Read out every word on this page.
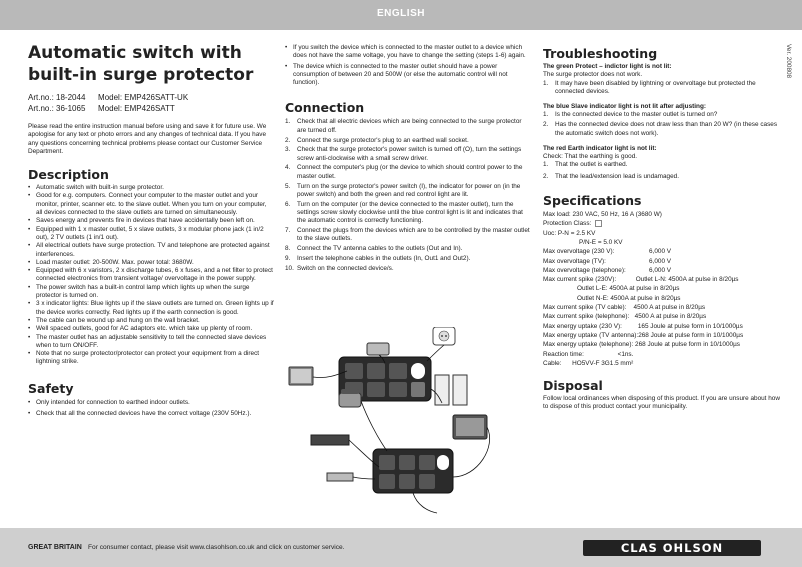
ENGLISH
Ver. 200808
Automatic switch with
built-in surge protector
Art.no.: 18-2044 Model: EMP426SATT-UK
Art.no.: 36-1065 Model: EMP426SATT

Please read the entire instruction manual before using and save it for future use. We apologise for any text or photo errors and any changes of technical data. If you have any questions concerning technical problems please contact our Customer Service Department.

Description
• Automatic switch with built-in surge protector.
• Good for e.g. computers. Connect your computer to the master outlet and your monitor, printer, scanner etc. to the slave outlet. When you turn on your computer, all devices connected to the slave outlets are turned on simultaneously.
• Saves energy and prevents fire in devices that have accidentally been left on.
• Equipped with 1 x master outlet, 5 x slave outlets, 3 x modular phone jack (1 in/2 out), 2 TV outlets (1 in/1 out).
• All electrical outlets have surge protection. TV and telephone are protected against interferences.
• Load master outlet: 20-500W. Max. power total: 3680W.
• Equipped with 6 x varistors, 2 x discharge tubes, 6 x fuses, and a net filter to protect connected electronics from transient voltage/ overvoltage in the power supply.
• The power switch has a built-in control lamp which lights up when the surge protector is turned on.
• 3 x indicator lights: Blue lights up if the slave outlets are turned on. Green lights up if the device works correctly. Red lights up if the earth connection is good.
• The cable can be wound up and hung on the wall bracket.
• Well spaced outlets, good for AC adaptors etc. which take up plenty of room.
• The master outlet has an adjustable sensitivity to tell the connected slave devices when to turn ON/OFF.
• Note that no surge protector/protector can protect your equipment from a direct lightning strike.
Safety
• Only intended for connection to earthed indoor outlets.
• Check that all the connected devices have the correct voltage (230V 50Hz.).
• If you switch the device which is connected to the master outlet to a device which does not have the same voltage, you have to change the setting (steps 1-6) again.
• The device which is connected to the master outlet should have a power consumption of between 20 and 500W (or else the automatic control will not function).
Connection
1. Check that all electric devices which are being connected to the surge protector are turned off.
2. Connect the surge protector's plug to an earthed wall socket.
3. Check that the surge protector's power switch is turned off (O), turn the settings screw anti-clockwise with a small screw driver.
4. Connect the computer's plug (or the device to which should control power to the master outlet.
5. Turn on the surge protector's power switch (I), the indicator for power on (in the power switch) and both the green and red control light are lit.
6. Turn on the computer (or the device connected to the master outlet), turn the settings screw slowly clockwise until the blue control light is lit and indicates that the automatic control is correctly functioning.
7. Connect the plugs from the devices which are to be controlled by the master outlet to the slave outlets.
8. Connect the TV antenna cables to the outlets (Out and In).
9. Insert the telephone cables in the outlets (In, Out1 and Out2).
10. Switch on the connected device/s.
Troubleshooting

The green Protect – indictor light is not lit:

The surge protector does not work.

1. It may have been disabled by lightning or overvoltage but protected the connected devices.

The blue Slave indicator light is not lit after adjusting:

1. Is the connected device to the master outlet is turned on?
2. Has the connected device does not draw less than than 20 W? (in these cases the automatic switch does not work).

The red Earth indicator light is not lit:

Check: That the earthing is good.

1. That the outlet is earthed.
2. That the lead/extension lead is undamaged.
Specifications

Max load: 230 VAC, 50 Hz, 16 A (3680 W)

Protection Class:

Uoc: P-N = 2.5 KV

P/N-E = 5.0 KV

Max overvoltage (230 V):	6,000 V

Max overvoltage (TV):	6,000 V

Max overvoltage (telephone):	6,000 V

Max current spike (230V):           Outlet L-N: 4500A at pulse in 8/20µs

Outlet L-E: 4500A at pulse in 8/20µs

Outlet N-E: 4500A at pulse in 8/20µs

Max current spike (TV cable):    4500 A at pulse in 8/20µs

Max current spike (telephone):   4500 A at pulse in 8/20µs

Max energy uptake (230 V):         165 Joule at pulse form in 10/1000µs

Max energy uptake (TV antenna):268 Joule at pulse form in 10/1000µs

Max energy uptake (telephone): 268 Joule at pulse form in 10/1000µs

Reaction time:                   <1ns.

Cable:      HO5VV-F 3G1.5 mm²

Disposal

Follow local ordinances when disposing of this product. If you are unsure about how to dispose of this product contact your municipality.

GREAT BRITAIN For consumer contact, please visit www.clasohlson.co.uk and click on customer service.	CLAS OHLSON
